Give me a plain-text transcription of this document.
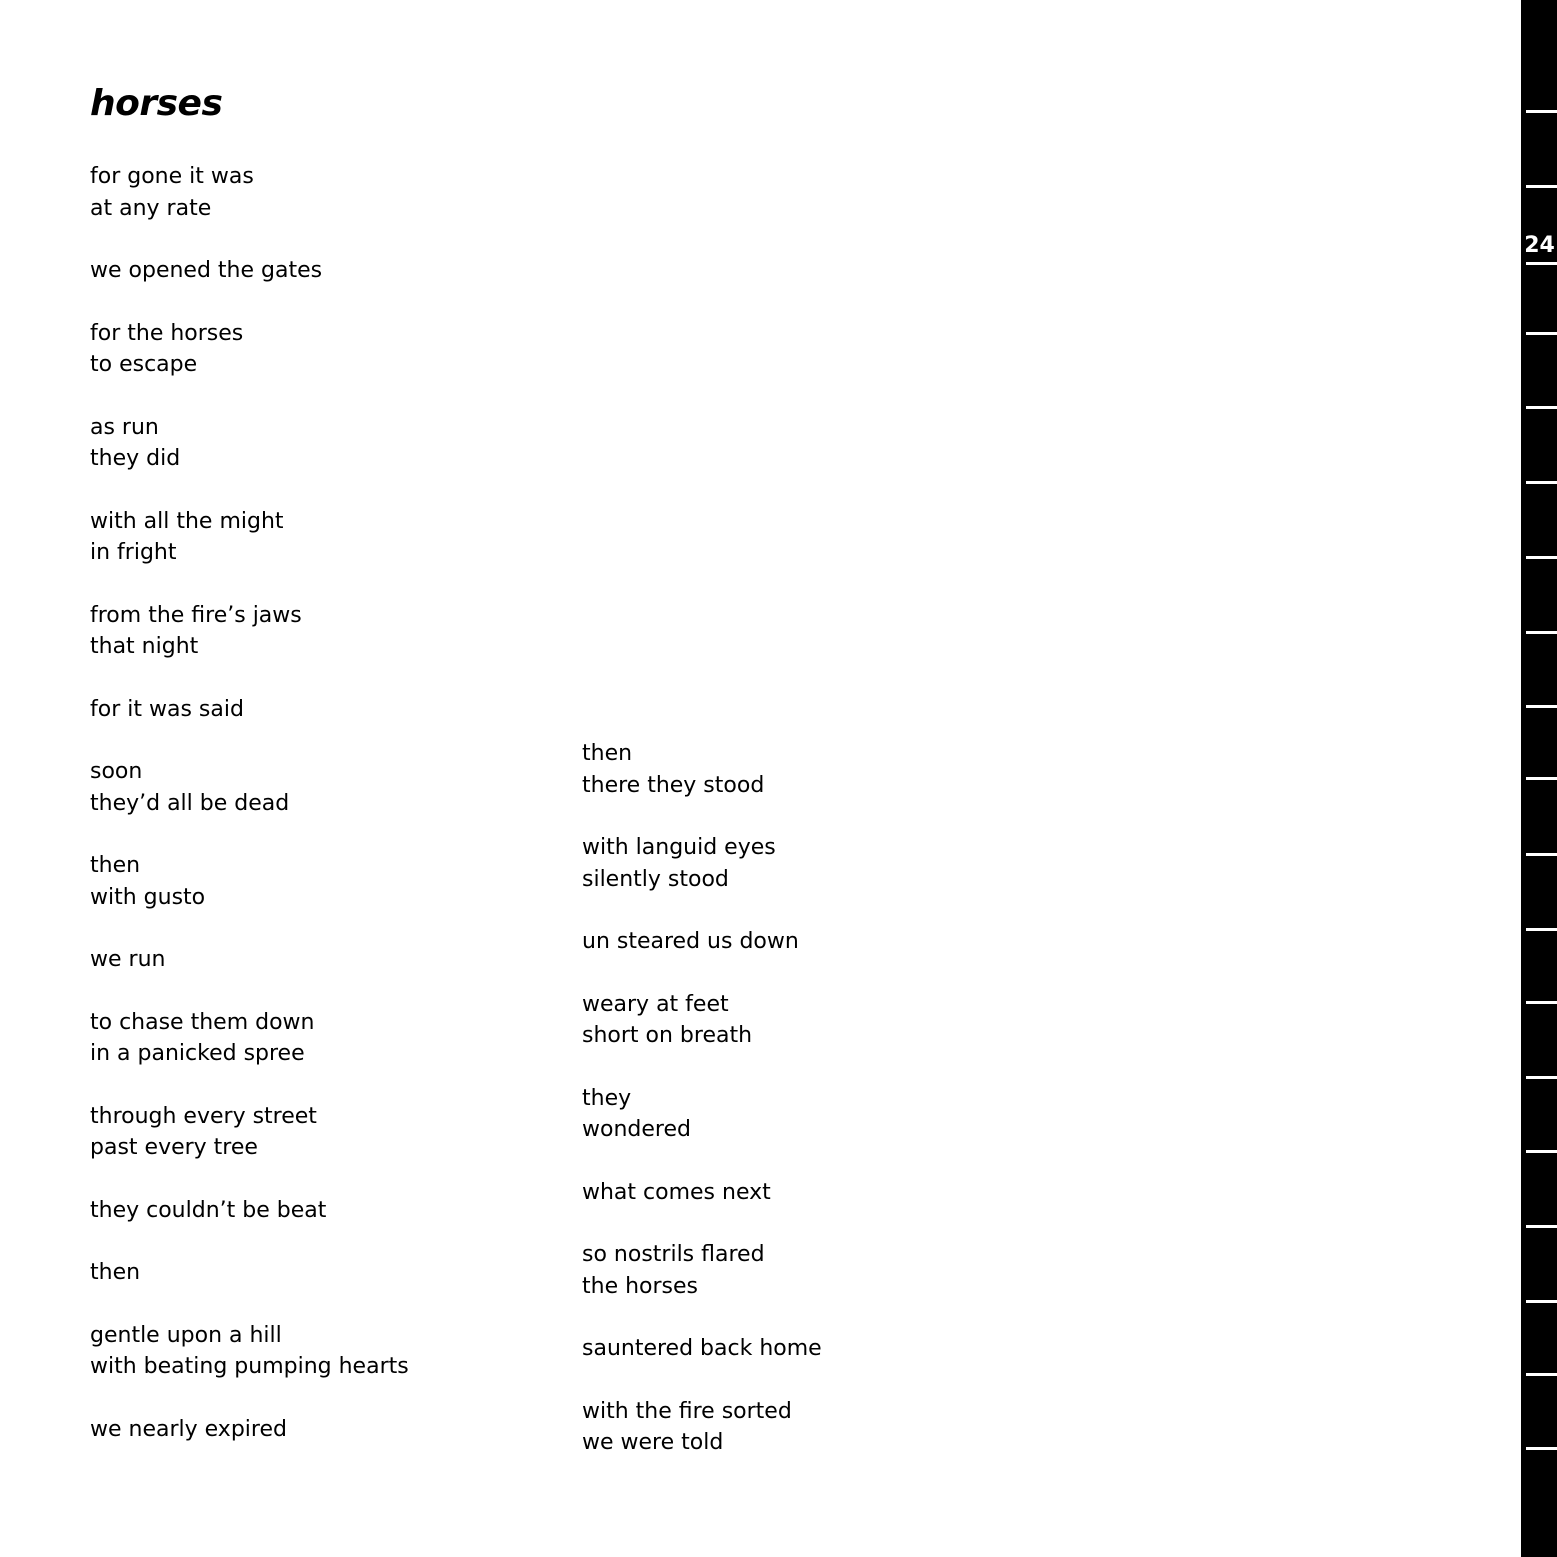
horses
for gone it was
at any rate
we opened the gates
for the horses
to escape
as run
they did
with all the might
in fright
from the fire’s jaws
that night
for it was said
soon
they’d all be dead
then
with gusto
we run
to chase them down
in a panicked spree
through every street
past every tree
they couldn’t be beat
then
gentle upon a hill
with beating pumping hearts
we nearly expired
then
there they stood
with languid eyes
silently stood
un steared us down
weary at feet
short on breath
they
wondered
what comes next
so nostrils flared
the horses
sauntered back home
with the fire sorted
we were told
24
